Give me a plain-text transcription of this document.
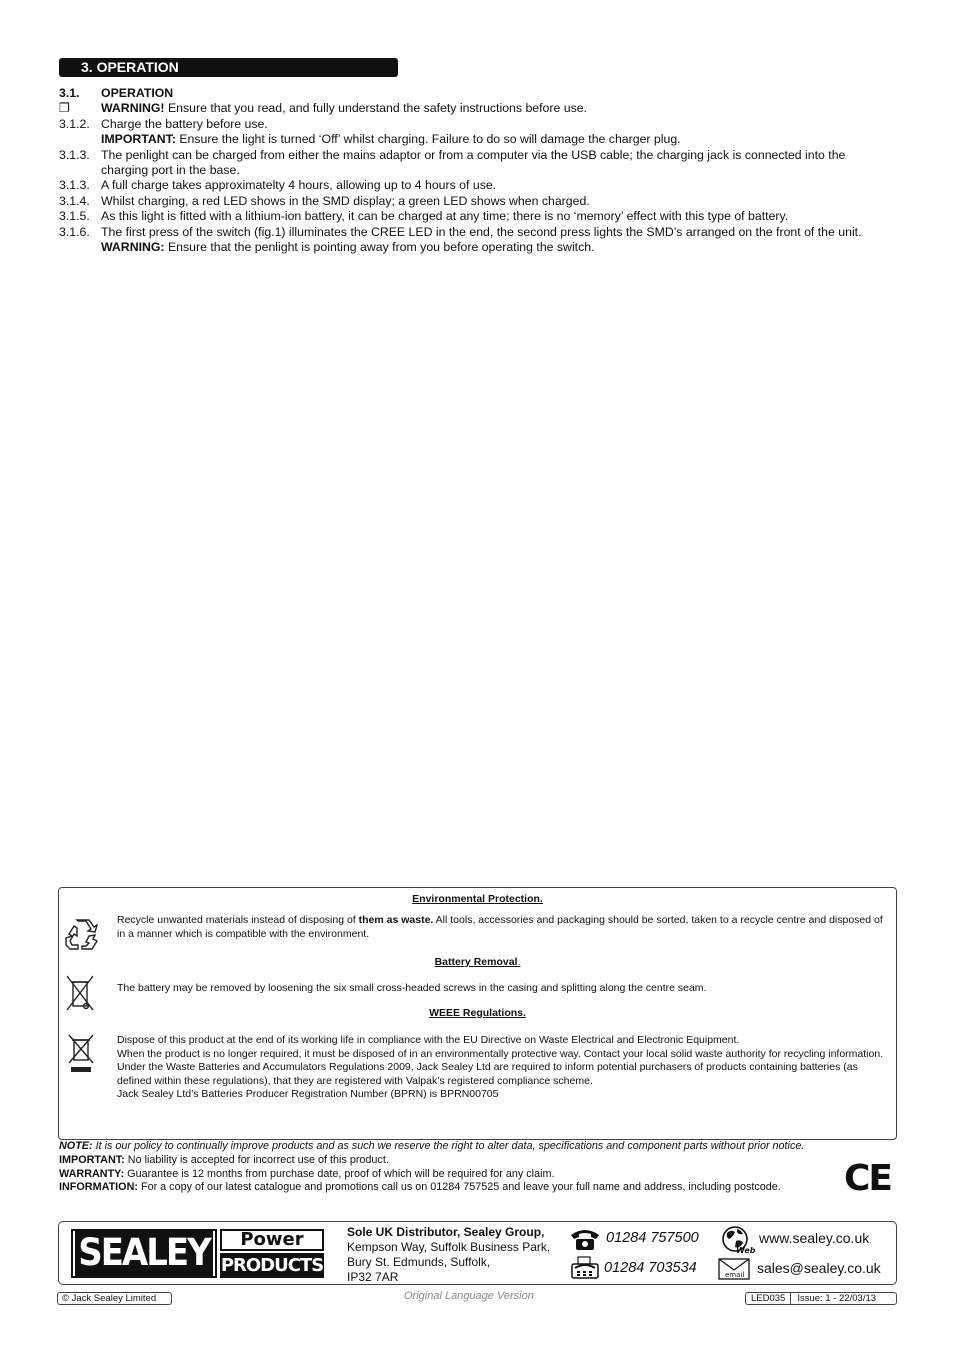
3. OPERATION
3.1.	OPERATION
❐	WARNING! Ensure that you read, and fully understand the safety instructions before use.
3.1.2. Charge the battery before use.
IMPORTANT: Ensure the light is turned ‘Off’ whilst charging. Failure to do so will damage the charger plug.
3.1.3. The penlight can be charged from either the mains adaptor or from a computer via the USB cable; the charging jack is connected into the charging port in the base.
3.1.3. A full charge takes approximatelty 4 hours, allowing up to 4 hours of use.
3.1.4. Whilst charging, a red LED shows in the SMD display; a green LED shows when charged.
3.1.5. As this light is fitted with a lithium-ion battery, it can be charged at any time; there is no ‘memory’ effect with this type of battery.
3.1.6. The first press of the switch (fig.1) illuminates the CREE LED in the end, the second press lights the SMD’s arranged on the front of the unit. WARNING: Ensure that the penlight is pointing away from you before operating the switch.
Environmental Protection.
Recycle unwanted materials instead of disposing of them as waste. All tools, accessories and packaging should be sorted, taken to a recycle centre and disposed of in a manner which is compatible with the environment.
Battery Removal.
The battery may be removed by loosening the six small cross-headed screws in the casing and splitting along the centre seam.
WEEE Regulations.
Dispose of this product at the end of its working life in compliance with the EU Directive on Waste Electrical and Electronic Equipment.
When the product is no longer required, it must be disposed of in an environmentally protective way. Contact your local solid waste authority for recycling information.
Under the Waste Batteries and Accumulators Regulations 2009, Jack Sealey Ltd are required to inform potential purchasers of products containing batteries (as defined within these regulations), that they are registered with Valpak’s registered compliance scheme.
Jack Sealey Ltd’s Batteries Producer Registration Number (BPRN) is BPRN00705
NOTE: It is our policy to continually improve products and as such we reserve the right to alter data, specifications and component parts without prior notice.
IMPORTANT: No liability is accepted for incorrect use of this product.
WARRANTY: Guarantee is 12 months from purchase date, proof of which will be required for any claim.
INFORMATION: For a copy of our latest catalogue and promotions call us on 01284 757525 and leave your full name and address, including postcode.	CE
SEALEY	Power
PRODUCTS
Sole UK Distributor, Sealey Group,
Kempson Way, Suffolk Business Park,
Bury St. Edmunds, Suffolk,
IP32 7AR
01284 757500
01284 703534
Web
www.sealey.co.uk
email sales@sealey.co.uk
© Jack Sealey Limited	Original Language Version	LED035	Issue: 1 - 22/03/13
